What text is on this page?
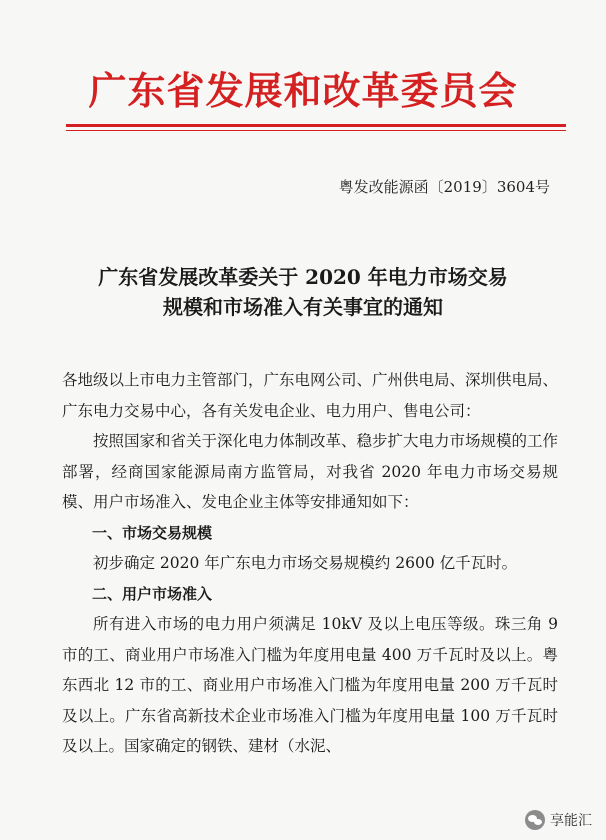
广东省发展和改革委员会
粤发改能源函〔2019〕3604号
广东省发展改革委关于 2020 年电力市场交易
规模和市场准入有关事宜的通知

各地级以上市电力主管部门，广东电网公司、广州供电局、深圳供电局、广东电力交易中心，各有关发电企业、电力用户、售电公司：

按照国家和省关于深化电力体制改革、稳步扩大电力市场规模的工作部署，经商国家能源局南方监管局，对我省 2020 年电力市场交易规模、用户市场准入、发电企业主体等安排通知如下：

一、市场交易规模

初步确定 2020 年广东电力市场交易规模约 2600 亿千瓦时。

二、用户市场准入

所有进入市场的电力用户须满足 10kV 及以上电压等级。珠三角 9 市的工、商业用户市场准入门槛为年度用电量 400 万千瓦时及以上。粤东西北 12 市的工、商业用户市场准入门槛为年度用电量 200 万千瓦时及以上。广东省高新技术企业市场准入门槛为年度用电量 100 万千瓦时及以上。国家确定的钢铁、建材（水泥、

享能汇
